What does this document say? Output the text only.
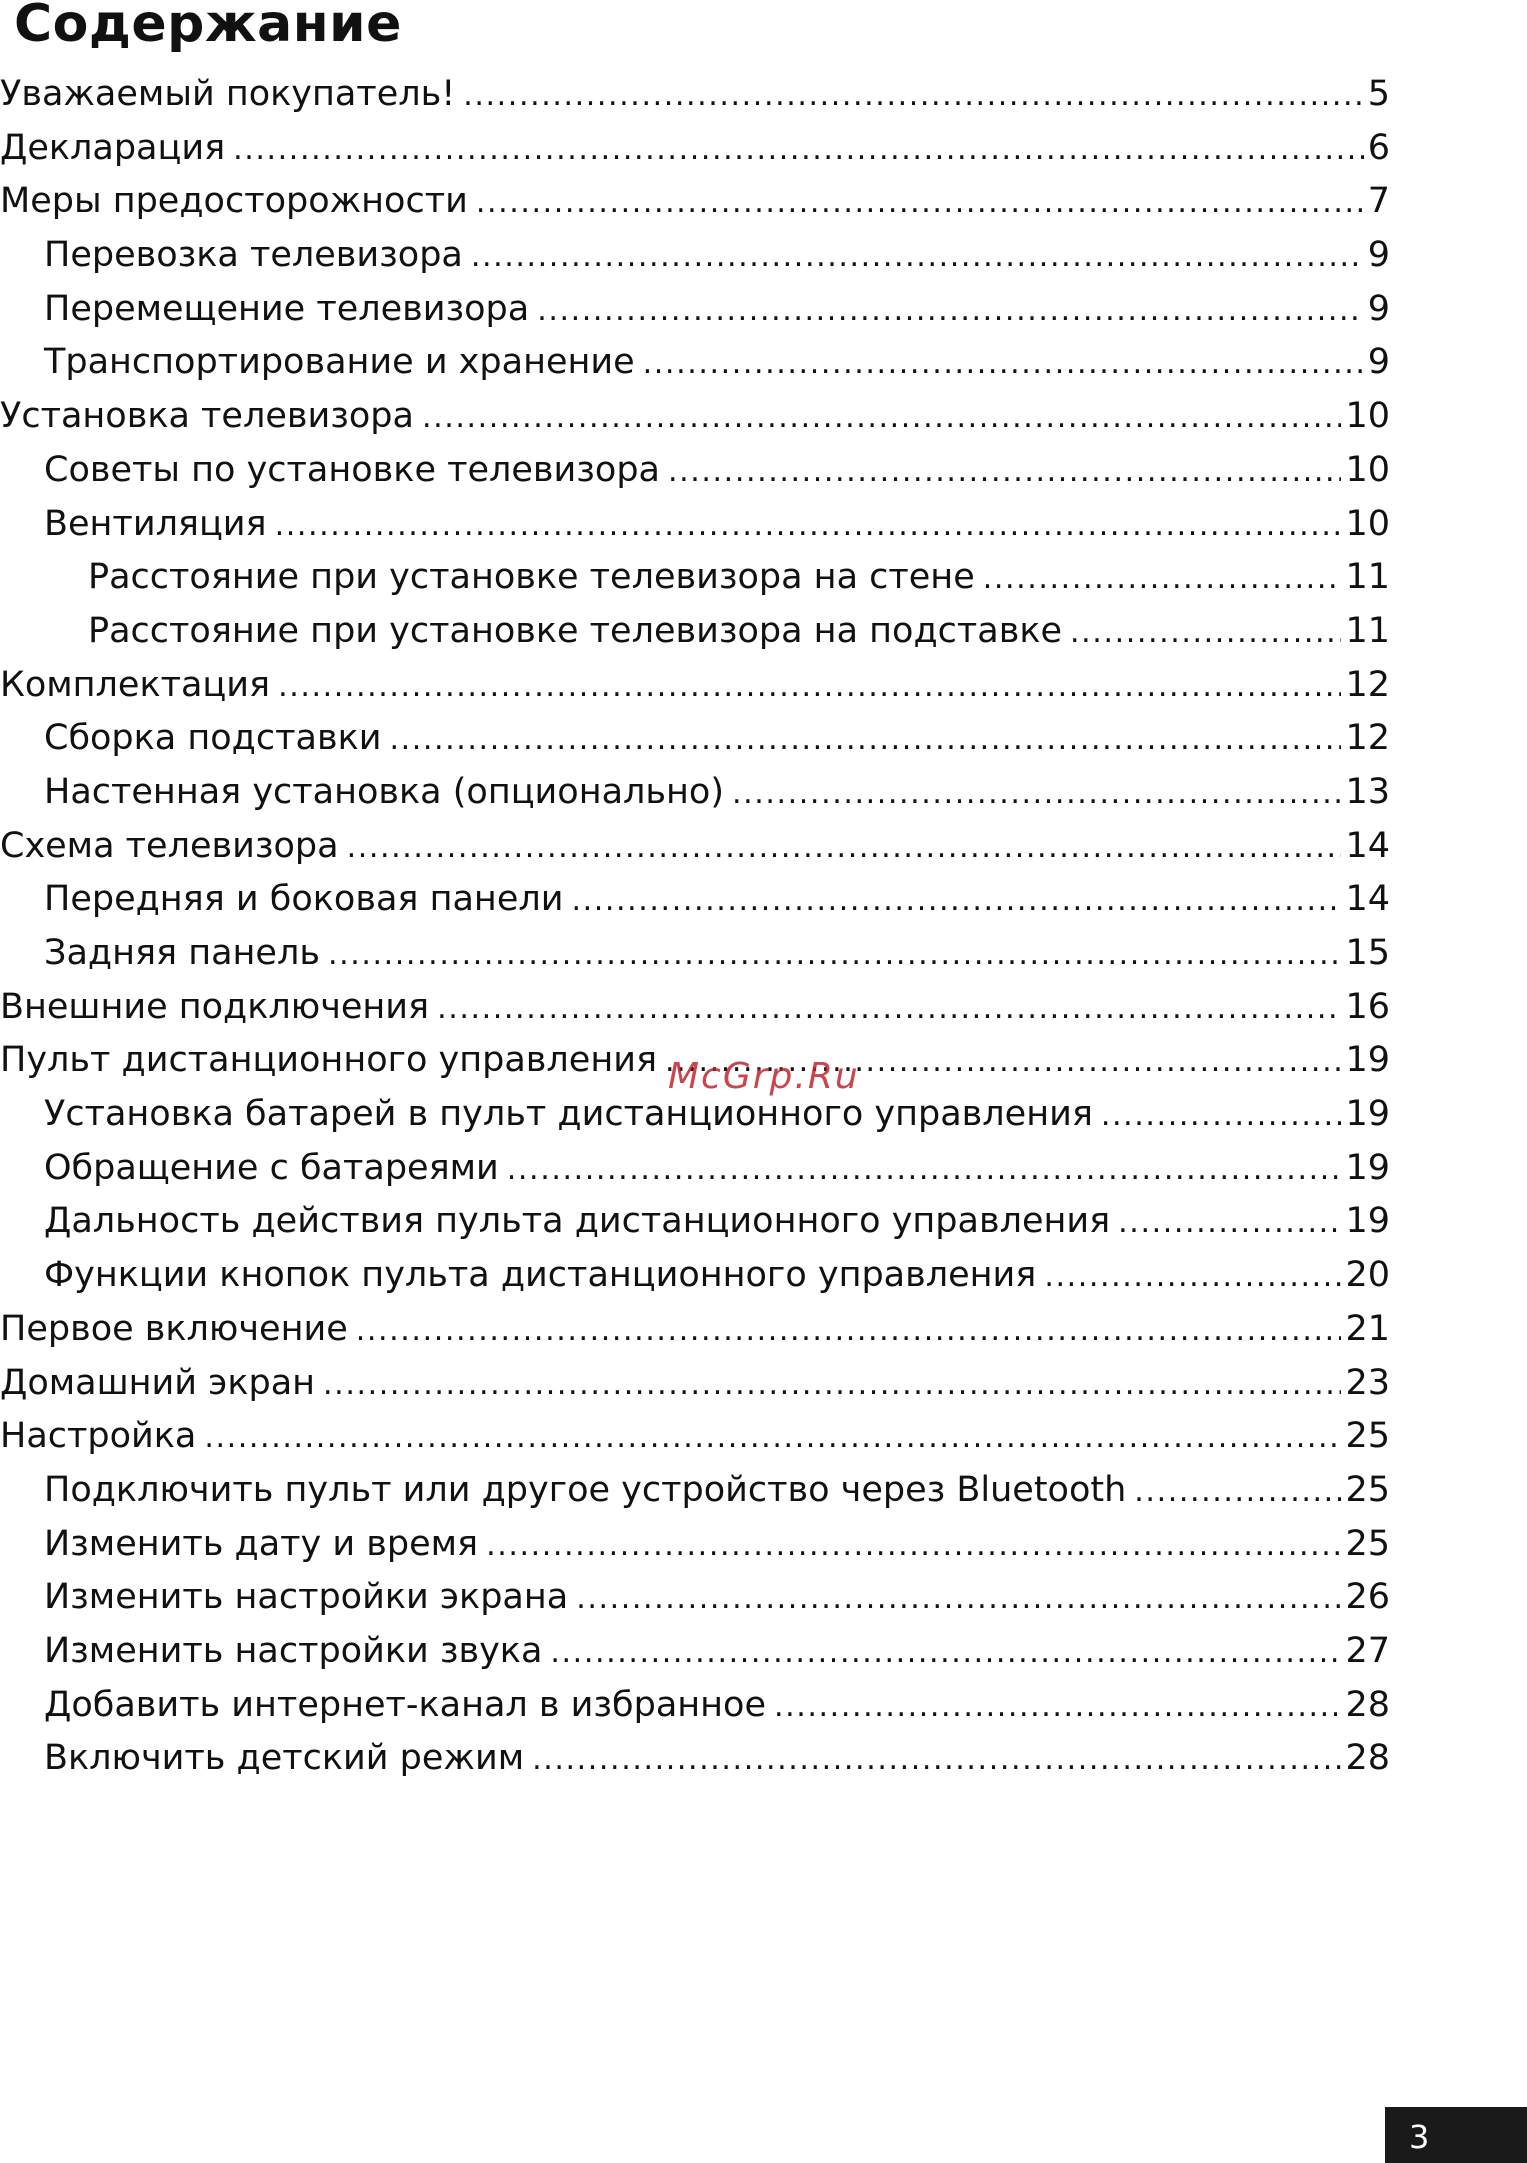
Содержание
Уважаемый покупатель! .....	5
Декларация .....	6
Меры предосторожности .....	7
Перевозка телевизора .....	9
Перемещение телевизора .....	9
Транспортирование и хранение .....	9
Установка телевизора .....	10
Советы по установке телевизора .....	10
Вентиляция .....	10
Расстояние при установке телевизора на стене .....	11
Расстояние при установке телевизора на подставке .....	11
Комплектация .....	12
Сборка подставки .....	12
Настенная установка (опционально) .....	13
Схема телевизора .....	14
Передняя и боковая панели .....	14
Задняя панель .....	15
Внешние подключения .....	16
Пульт дистанционного управления .....	19
Установка батарей в пульт дистанционного управления .....	19
Обращение с батареями .....	19
Дальность действия пульта дистанционного управления .....	19
Функции кнопок пульта дистанционного управления .....	20
Первое включение .....	21
Домашний экран .....	23
Настройка .....	25
Подключить пульт или другое устройство через Bluetooth .....	25
Изменить дату и время .....	25
Изменить настройки экрана .....	26
Изменить настройки звука .....	27
Добавить интернет-канал в избранное .....	28
Включить детский режим .....	28
McGrp.Ru
3
